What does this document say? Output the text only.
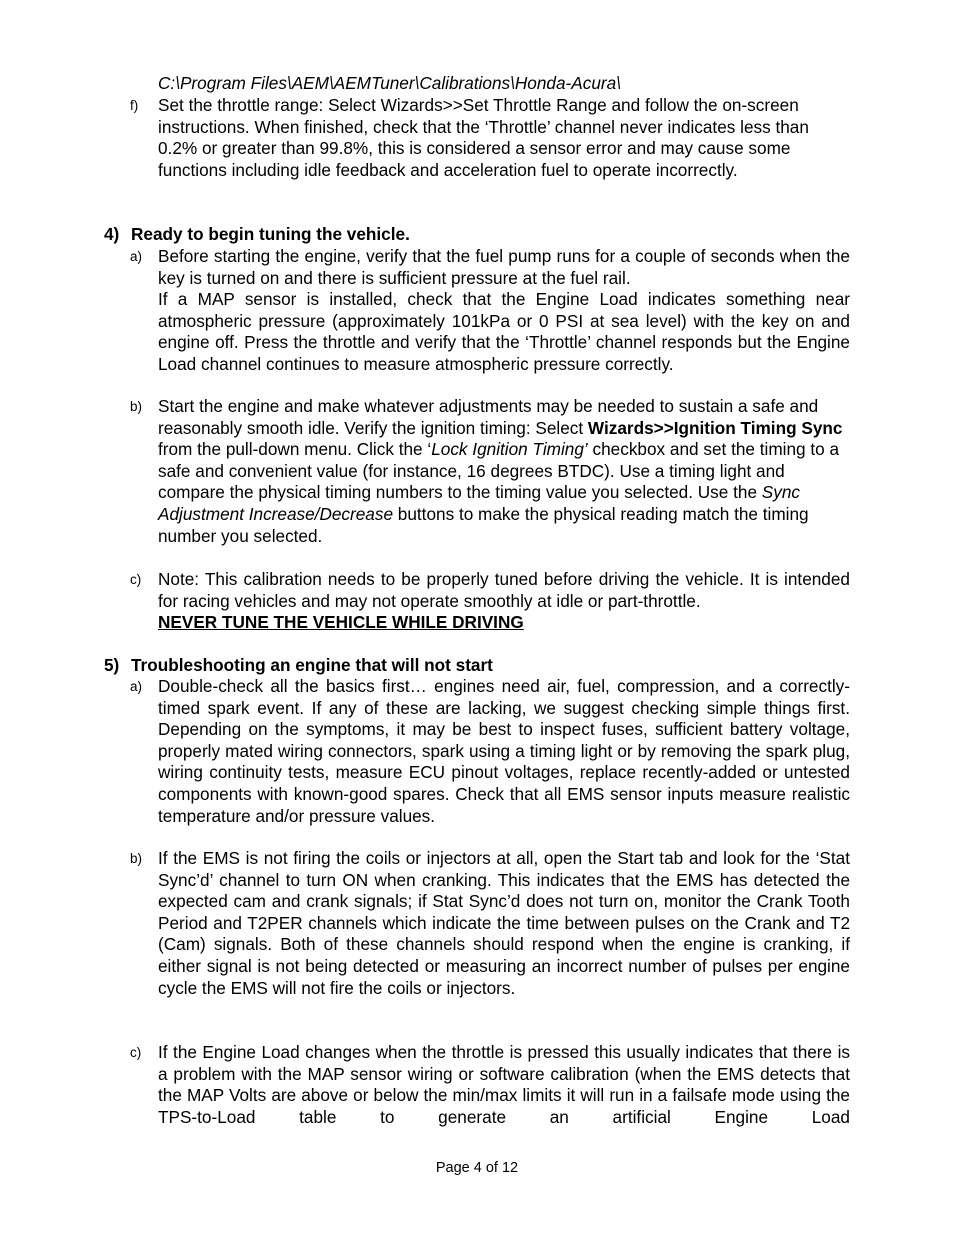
C:\Program Files\AEM\AEMTuner\Calibrations\Honda-Acura\

f) Set the throttle range: Select Wizards>>Set Throttle Range and follow the on-screen instructions. When finished, check that the ‘Throttle’ channel never indicates less than 0.2% or greater than 99.8%, this is considered a sensor error and may cause some functions including idle feedback and acceleration fuel to operate incorrectly.
4) Ready to begin tuning the vehicle.
a) Before starting the engine, verify that the fuel pump runs for a couple of seconds when the key is turned on and there is sufficient pressure at the fuel rail.
If a MAP sensor is installed, check that the Engine Load indicates something near atmospheric pressure (approximately 101kPa or 0 PSI at sea level) with the key on and engine off. Press the throttle and verify that the ‘Throttle’ channel responds but the Engine Load channel continues to measure atmospheric pressure correctly.
b) Start the engine and make whatever adjustments may be needed to sustain a safe and reasonably smooth idle. Verify the ignition timing: Select Wizards>>Ignition Timing Sync from the pull-down menu. Click the ‘Lock Ignition Timing’ checkbox and set the timing to a safe and convenient value (for instance, 16 degrees BTDC). Use a timing light and compare the physical timing numbers to the timing value you selected. Use the Sync Adjustment Increase/Decrease buttons to make the physical reading match the timing number you selected.
c) Note: This calibration needs to be properly tuned before driving the vehicle. It is intended for racing vehicles and may not operate smoothly at idle or part-throttle.
NEVER TUNE THE VEHICLE WHILE DRIVING
5) Troubleshooting an engine that will not start
a) Double-check all the basics first… engines need air, fuel, compression, and a correctly-timed spark event. If any of these are lacking, we suggest checking simple things first. Depending on the symptoms, it may be best to inspect fuses, sufficient battery voltage, properly mated wiring connectors, spark using a timing light or by removing the spark plug, wiring continuity tests, measure ECU pinout voltages, replace recently-added or untested components with known-good spares. Check that all EMS sensor inputs measure realistic temperature and/or pressure values.
b) If the EMS is not firing the coils or injectors at all, open the Start tab and look for the ‘Stat Sync’d’ channel to turn ON when cranking. This indicates that the EMS has detected the expected cam and crank signals; if Stat Sync’d does not turn on, monitor the Crank Tooth Period and T2PER channels which indicate the time between pulses on the Crank and T2 (Cam) signals. Both of these channels should respond when the engine is cranking, if either signal is not being detected or measuring an incorrect number of pulses per engine cycle the EMS will not fire the coils or injectors.
c) If the Engine Load changes when the throttle is pressed this usually indicates that there is a problem with the MAP sensor wiring or software calibration (when the EMS detects that the MAP Volts are above or below the min/max limits it will run in a failsafe mode using the TPS-to-Load table to generate an artificial Engine Load
Page 4 of 12
